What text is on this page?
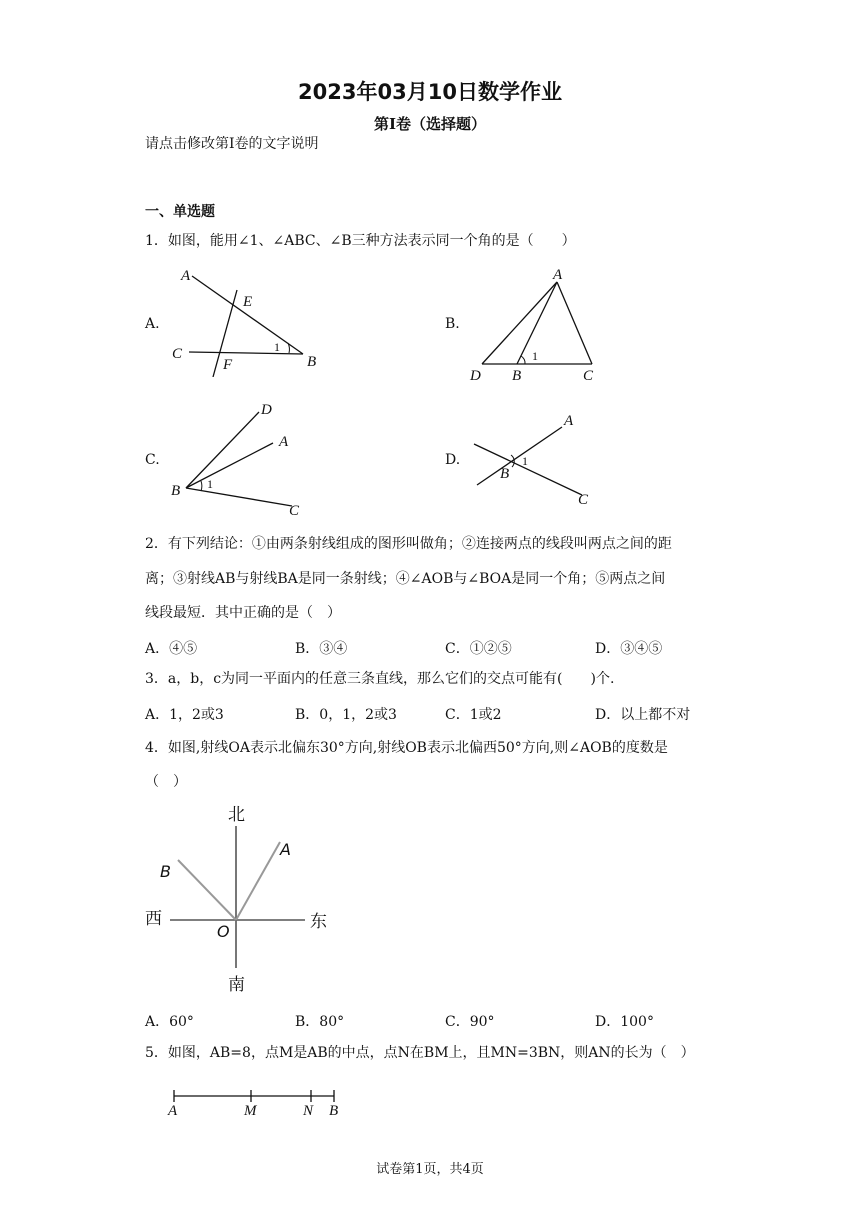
2023年03月10日数学作业
第I卷（选择题）
请点击修改第I卷的文字说明
一、单选题
1．如图，能用∠1、∠ABC、∠B三种方法表示同一个角的是（　　）
A.
A
E
C
F	B
1
B.
A
D B	C
1
C.
D
A
B
C
1
D.
A
B
C
1
2．有下列结论：①由两条射线组成的图形叫做角；②连接两点的线段叫两点之间的距
离；③射线AB与射线BA是同一条射线；④∠AOB与∠BOA是同一个角；⑤两点之间
线段最短．其中正确的是（　）
A．④⑤	B．③④	C．①②⑤	D．③④⑤
3．a，b，c为同一平面内的任意三条直线，那么它们的交点可能有(　　)个.
A．1，2或3	B．0，1，2或3	C．1或2	D．以上都不对
4．如图,射线OA表示北偏东30°方向,射线OB表示北偏西50°方向,则∠AOB的度数是
（　）
北
南
西	东
A
B
O
A．60°	B．80°	C．90°	D．100°
5．如图，AB=8，点M是AB的中点，点N在BM上，且MN=3BN，则AN的长为（　）
A	M	N B
试卷第1页，共4页
